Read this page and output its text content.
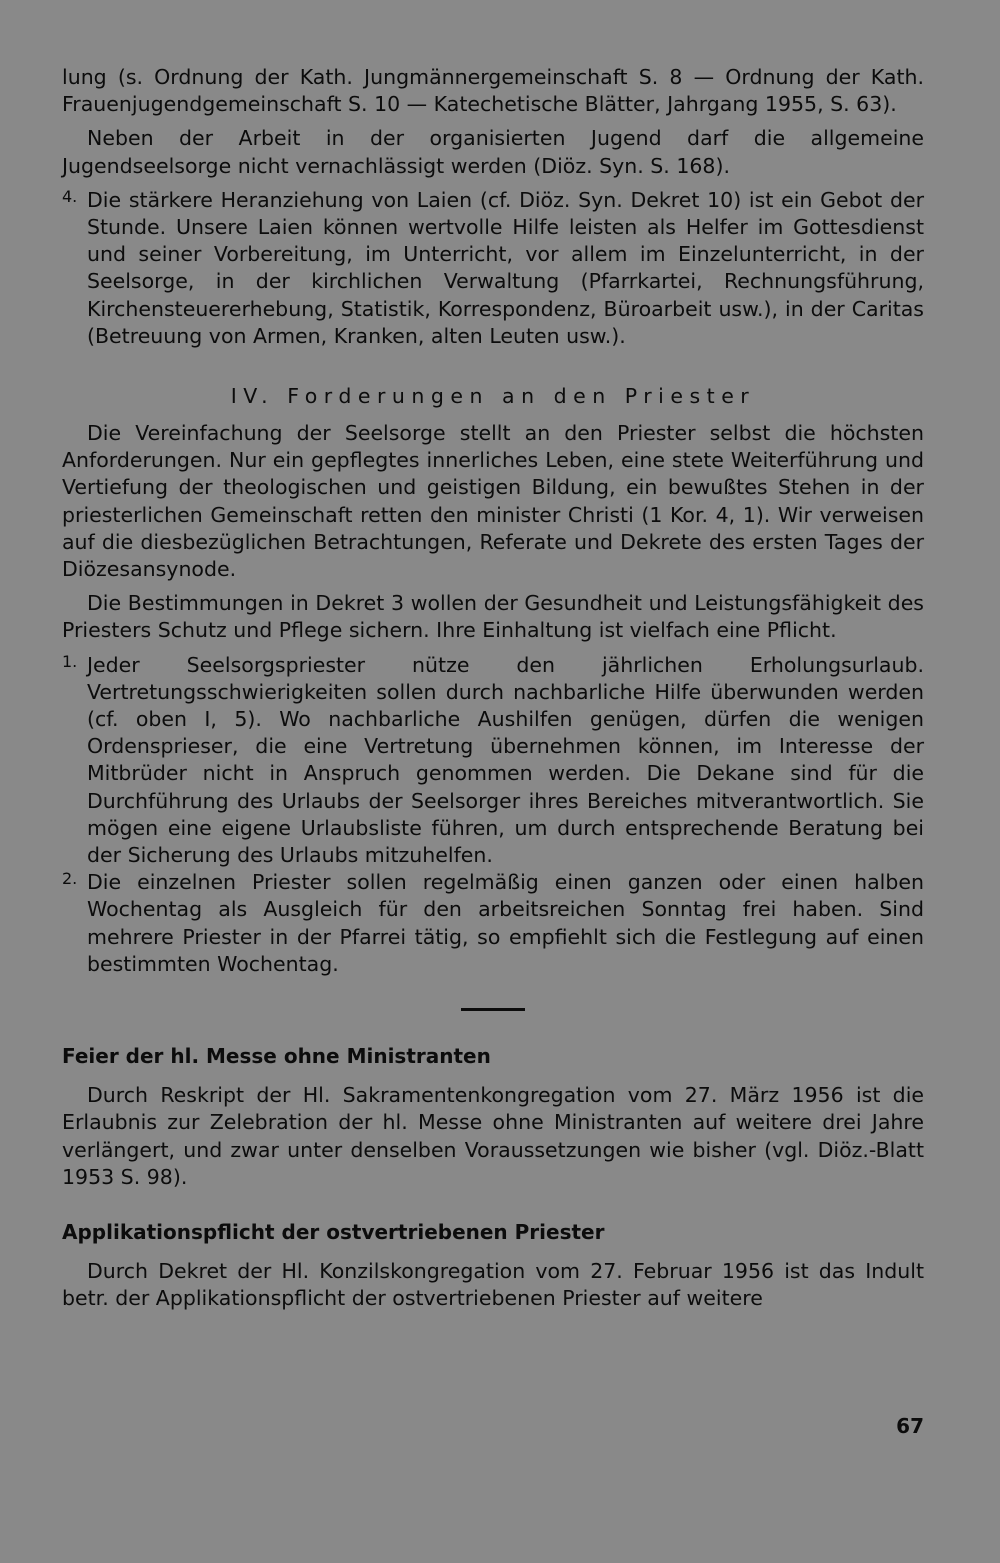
lung (s. Ordnung der Kath. Jungmännergemeinschaft S. 8 — Ordnung der Kath. Frauenjugendgemeinschaft S. 10 — Katechetische Blätter, Jahrgang 1955, S. 63).

Neben der Arbeit in der organisierten Jugend darf die allgemeine Jugendseelsorge nicht vernachlässigt werden (Diöz. Syn. S. 168).

4. Die stärkere Heranziehung von Laien (cf. Diöz. Syn. Dekret 10) ist ein Gebot der Stunde. Unsere Laien können wertvolle Hilfe leisten als Helfer im Gottesdienst und seiner Vorbereitung, im Unterricht, vor allem im Einzelunterricht, in der Seelsorge, in der kirchlichen Verwaltung (Pfarrkartei, Rechnungsführung, Kirchensteuererhebung, Statistik, Korrespondenz, Büroarbeit usw.), in der Caritas (Betreuung von Armen, Kranken, alten Leuten usw.).

IV. Forderungen an den Priester

Die Vereinfachung der Seelsorge stellt an den Priester selbst die höchsten Anforderungen. Nur ein gepflegtes innerliches Leben, eine stete Weiterführung und Vertiefung der theologischen und geistigen Bildung, ein bewußtes Stehen in der priesterlichen Gemeinschaft retten den minister Christi (1 Kor. 4, 1). Wir verweisen auf die diesbezüglichen Betrachtungen, Referate und Dekrete des ersten Tages der Diözesansynode.

Die Bestimmungen in Dekret 3 wollen der Gesundheit und Leistungsfähigkeit des Priesters Schutz und Pflege sichern. Ihre Einhaltung ist vielfach eine Pflicht.

1. Jeder Seelsorgspriester nütze den jährlichen Erholungsurlaub. Vertretungsschwierigkeiten sollen durch nachbarliche Hilfe überwunden werden (cf. oben I, 5). Wo nachbarliche Aushilfen genügen, dürfen die wenigen Ordensprieser, die eine Vertretung übernehmen können, im Interesse der Mitbrüder nicht in Anspruch genommen werden. Die Dekane sind für die Durchführung des Urlaubs der Seelsorger ihres Bereiches mitverantwortlich. Sie mögen eine eigene Urlaubsliste führen, um durch entsprechende Beratung bei der Sicherung des Urlaubs mitzuhelfen.

2. Die einzelnen Priester sollen regelmäßig einen ganzen oder einen halben Wochentag als Ausgleich für den arbeitsreichen Sonntag frei haben. Sind mehrere Priester in der Pfarrei tätig, so empfiehlt sich die Festlegung auf einen bestimmten Wochentag.

Feier der hl. Messe ohne Ministranten

Durch Reskript der Hl. Sakramentenkongregation vom 27. März 1956 ist die Erlaubnis zur Zelebration der hl. Messe ohne Ministranten auf weitere drei Jahre verlängert, und zwar unter denselben Voraussetzungen wie bisher (vgl. Diöz.-Blatt 1953 S. 98).

Applikationspflicht der ostvertriebenen Priester

Durch Dekret der Hl. Konzilskongregation vom 27. Februar 1956 ist das Indult betr. der Applikationspflicht der ostvertriebenen Priester auf weitere

67
